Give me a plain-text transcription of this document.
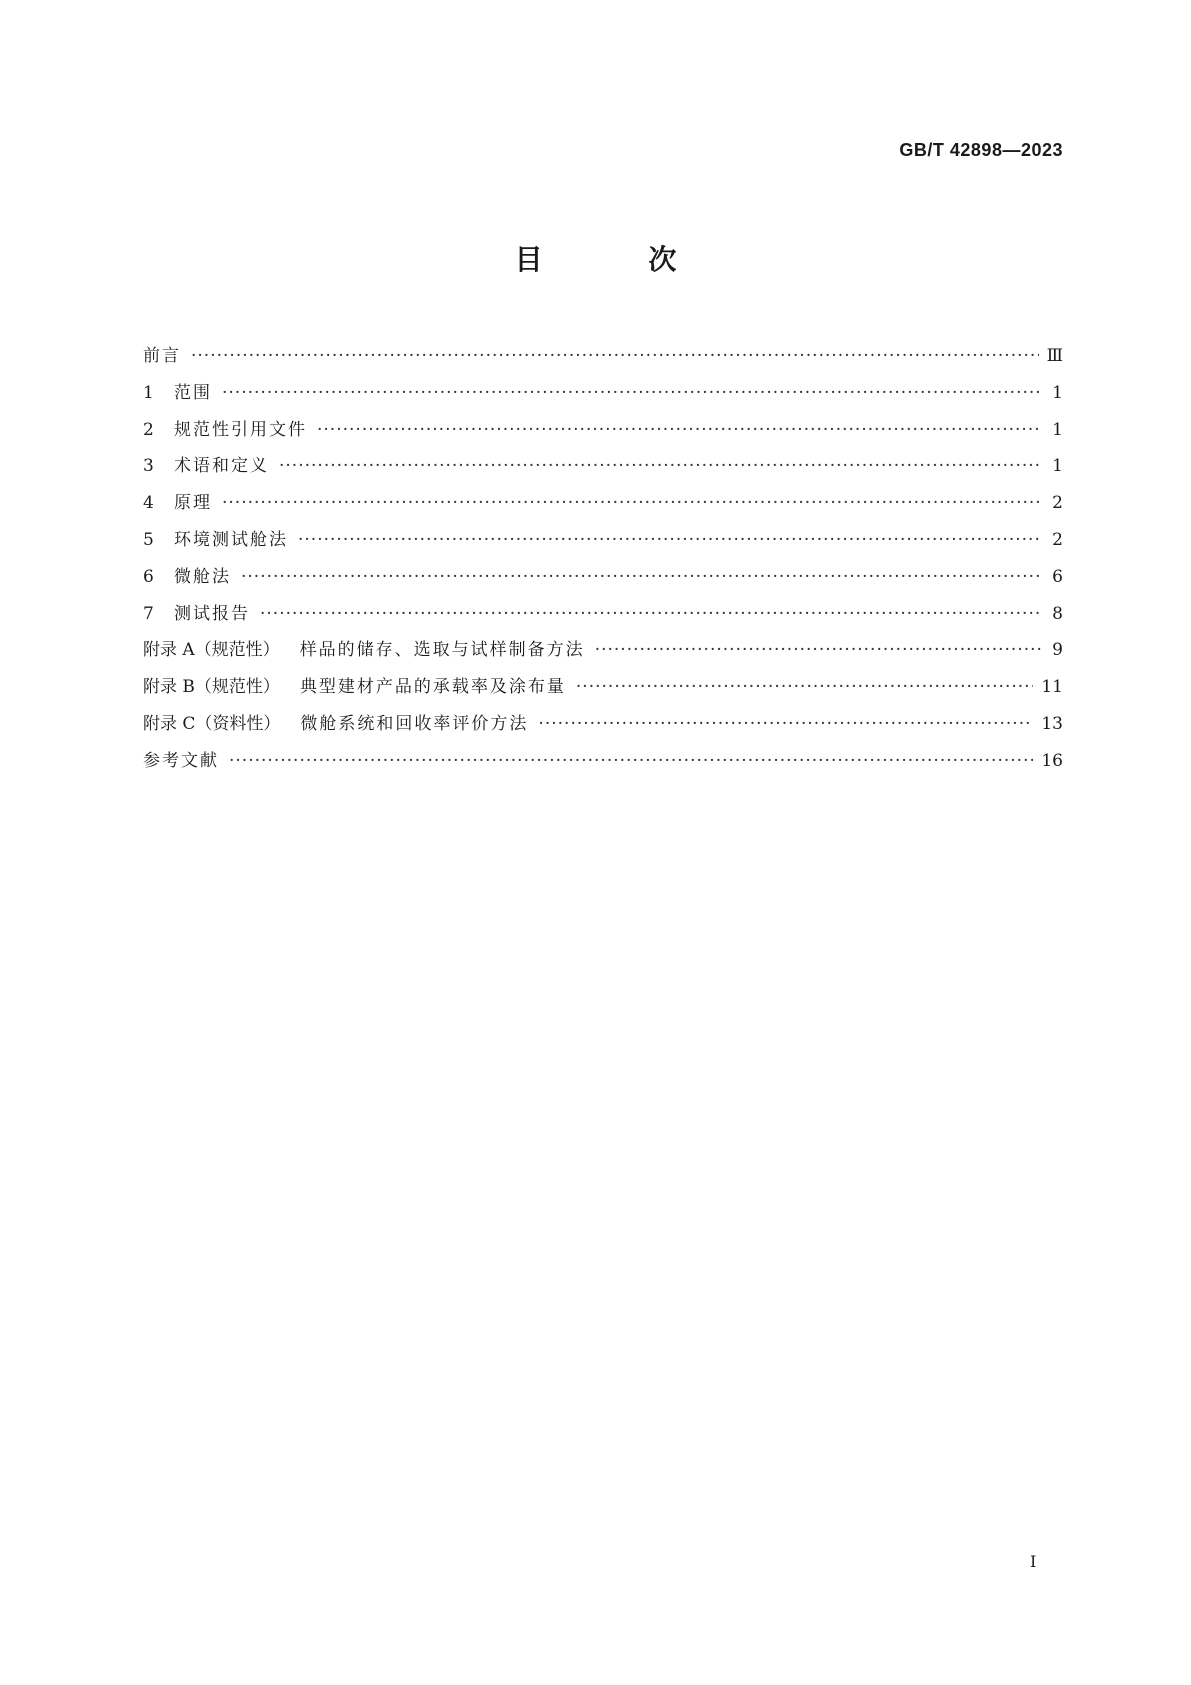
GB/T 42898—2023

目 次
前言 ·····	Ⅲ
1	范围 ·····	1
2	规范性引用文件 ·····	1
3	术语和定义 ·····	1
4	原理 ·····	2
5	环境测试舱法 ·····	2
6	微舱法 ·····	6
7	测试报告 ·····	8
附录 A （规范性） 样品的储存、选取与试样制备方法 ·····	9
附录 B （规范性） 典型建材产品的承载率及涂布量 ·····	11
附录 C （资料性） 微舱系统和回收率评价方法 ·····	13
参考文献 ·····	16

Ⅰ
